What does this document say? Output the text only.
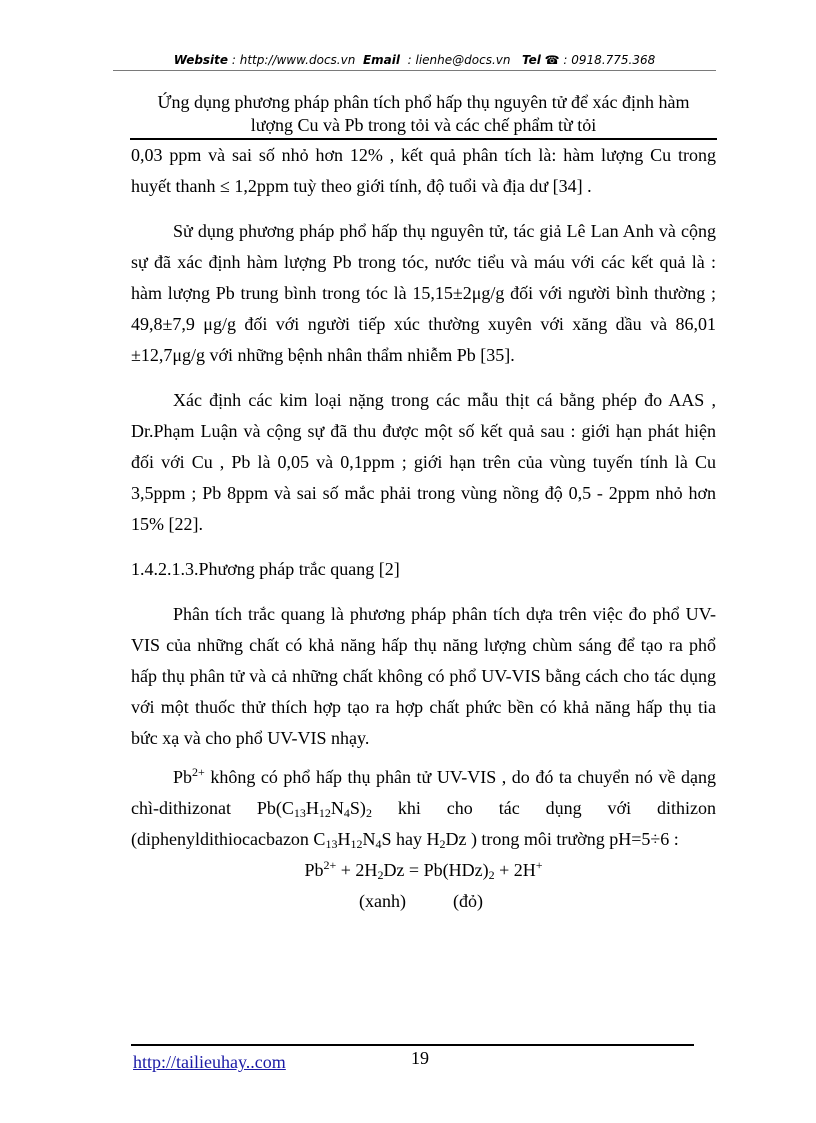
Website : http://www.docs.vn Email : lienhe@docs.vn Tel ☎ : 0918.775.368
Ứng dụng phương pháp phân tích phổ hấp thụ nguyên tử để xác định hàm
lượng Cu và Pb trong tỏi và các chế phẩm từ tỏi

0,03 ppm và sai số nhỏ hơn 12% , kết quả phân tích là: hàm lượng Cu trong huyết thanh ≤ 1,2ppm tuỳ theo giới tính, độ tuổi và địa dư [34] .

Sử dụng phương pháp phổ hấp thụ nguyên tử, tác giả Lê Lan Anh và cộng sự đã xác định hàm lượng Pb trong tóc, nước tiểu và máu với các kết quả là : hàm lượng Pb trung bình trong tóc là 15,15±2μg/g đối với người bình thường ; 49,8±7,9 μg/g đối với người tiếp xúc thường xuyên với xăng dầu và 86,01 ±12,7μg/g với những bệnh nhân thẩm nhiễm Pb [35].

Xác định các kim loại nặng trong các mẫu thịt cá bằng phép đo AAS , Dr.Phạm Luận và cộng sự đã thu được một số kết quả sau : giới hạn phát hiện đối với Cu , Pb là 0,05 và 0,1ppm ; giới hạn trên của vùng tuyến tính là Cu 3,5ppm ; Pb 8ppm và sai số mắc phải trong vùng nồng độ 0,5 - 2ppm nhỏ hơn 15% [22].

1.4.2.1.3.Phương pháp trắc quang [2]

Phân tích trắc quang là phương pháp phân tích dựa trên việc đo phổ UV-VIS của những chất có khả năng hấp thụ năng lượng chùm sáng để tạo ra phổ hấp thụ phân tử và cả những chất không có phổ UV-VIS bằng cách cho tác dụng với một thuốc thử thích hợp tạo ra hợp chất phức bền có khả năng hấp thụ tia bức xạ và cho phổ UV-VIS nhạy.

$Pb^{2+}$ không có phổ hấp thụ phân tử UV-VIS , do đó ta chuyển nó về dạng chì-dithizonat $Pb(C_{13}H_{12}N_4S)_2$ khi cho tác dụng với dithizon (diphenyldithiocacbazon $C_{13}H_{12}N_4S$ hay $H_2Dz$ ) trong môi trường pH=5÷6 :

$Pb^{2+} + 2H_2Dz = Pb(HDz)_2 + 2H^+$
(xanh)	(đỏ)
http://tailieuhay..com	19
